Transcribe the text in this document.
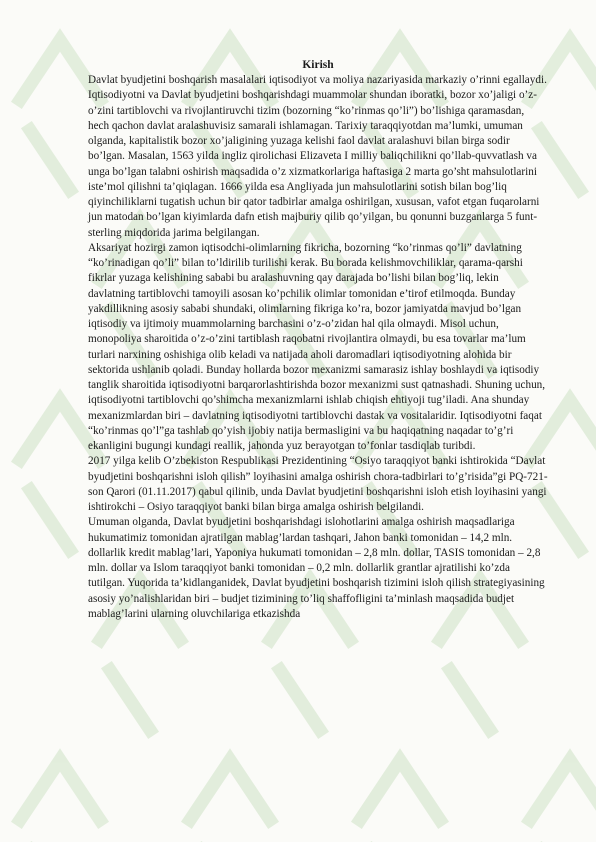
Kirish

Davlat byudjetini boshqarish masalalari iqtisodiyot va moliya nazariyasida markaziy o’rinni egallaydi. Iqtisodiyotni va Davlat byudjetini boshqarishdagi muammolar shundan iboratki, bozor xo’jaligi o’z-o’zini tartiblovchi va rivojlantiruvchi tizim (bozorning “ko’rinmas qo’li”) bo’lishiga qaramasdan, hech qachon davlat aralashuvisiz samarali ishlamagan. Tarixiy taraqqiyotdan ma’lumki, umuman olganda, kapitalistik bozor xo’jaligining yuzaga kelishi faol davlat aralashuvi bilan birga sodir bo’lgan. Masalan, 1563 yilda ingliz qirolichasi Elizaveta I milliy baliqchilikni qo’llab-quvvatlash va unga bo’lgan talabni oshirish maqsadida o’z xizmatkorlariga haftasiga 2 marta go’sht mahsulotlarini iste’mol qilishni ta’qiqlagan. 1666 yilda esa Angliyada jun mahsulotlarini sotish bilan bog’liq qiyinchiliklarni tugatish uchun bir qator tadbirlar amalga oshirilgan, xususan, vafot etgan fuqarolarni jun matodan bo’lgan kiyimlarda dafn etish majburiy qilib qo’yilgan, bu qonunni buzganlarga 5 funt-sterling miqdorida jarima belgilangan.

Aksariyat hozirgi zamon iqtisodchi-olimlarning fikricha, bozorning “ko’rinmas qo’li” davlatning “ko’rinadigan qo’li” bilan to’ldirilib turilishi kerak. Bu borada kelishmovchiliklar, qarama-qarshi fikrlar yuzaga kelishining sababi bu aralashuvning qay darajada bo’lishi bilan bog’liq, lekin davlatning tartiblovchi tamoyili asosan ko’pchilik olimlar tomonidan e’tirof etilmoqda. Bunday yakdillikning asosiy sababi shundaki, olimlarning fikriga ko’ra, bozor jamiyatda mavjud bo’lgan iqtisodiy va ijtimoiy muammolarning barchasini o’z-o’zidan hal qila olmaydi. Misol uchun, monopoliya sharoitida o’z-o’zini tartiblash raqobatni rivojlantira olmaydi, bu esa tovarlar ma’lum turlari narxining oshishiga olib keladi va natijada aholi daromadlari iqtisodiyotning alohida bir sektorida ushlanib qoladi. Bunday hollarda bozor mexanizmi samarasiz ishlay boshlaydi va iqtisodiy tanglik sharoitida iqtisodiyotni barqarorlashtirishda bozor mexanizmi sust qatnashadi. Shuning uchun, iqtisodiyotni tartiblovchi qo’shimcha mexanizmlarni ishlab chiqish ehtiyoji tug’iladi. Ana shunday mexanizmlardan biri – davlatning iqtisodiyotni tartiblovchi dastak va vositalaridir. Iqtisodiyotni faqat “ko’rinmas qo’l”ga tashlab qo’yish ijobiy natija bermasligini va bu haqiqatning naqadar to’g’ri ekanligini bugungi kundagi reallik, jahonda yuz berayotgan to’fonlar tasdiqlab turibdi.

2017 yilga kelib O’zbekiston Respublikasi Prezidentining “Osiyo taraqqiyot banki ishtirokida “Davlat byudjetini boshqarishni isloh qilish” loyihasini amalga oshirish chora-tadbirlari to’g’risida”gi PQ-721-son Qarori (01.11.2017) qabul qilinib, unda Davlat byudjetini boshqarishni isloh etish loyihasini yangi ishtirokchi – Osiyo taraqqiyot banki bilan birga amalga oshirish belgilandi.

Umuman olganda, Davlat byudjetini boshqarishdagi islohotlarini amalga oshirish maqsadlariga hukumatimiz tomonidan ajratilgan mablag’lardan tashqari, Jahon banki tomonidan – 14,2 mln. dollarlik kredit mablag’lari, Yaponiya hukumati tomonidan – 2,8 mln. dollar, TASIS tomonidan – 2,8 mln. dollar va Islom taraqqiyot banki tomonidan – 0,2 mln. dollarlik grantlar ajratilishi ko’zda tutilgan. Yuqorida ta’kidlanganidek, Davlat byudjetini boshqarish tizimini isloh qilish strategiyasining asosiy yo’nalishlaridan biri – budjet tizimining to’liq shaffofligini ta’minlash maqsadida budjet mablag’larini ularning oluvchilariga etkazishda
